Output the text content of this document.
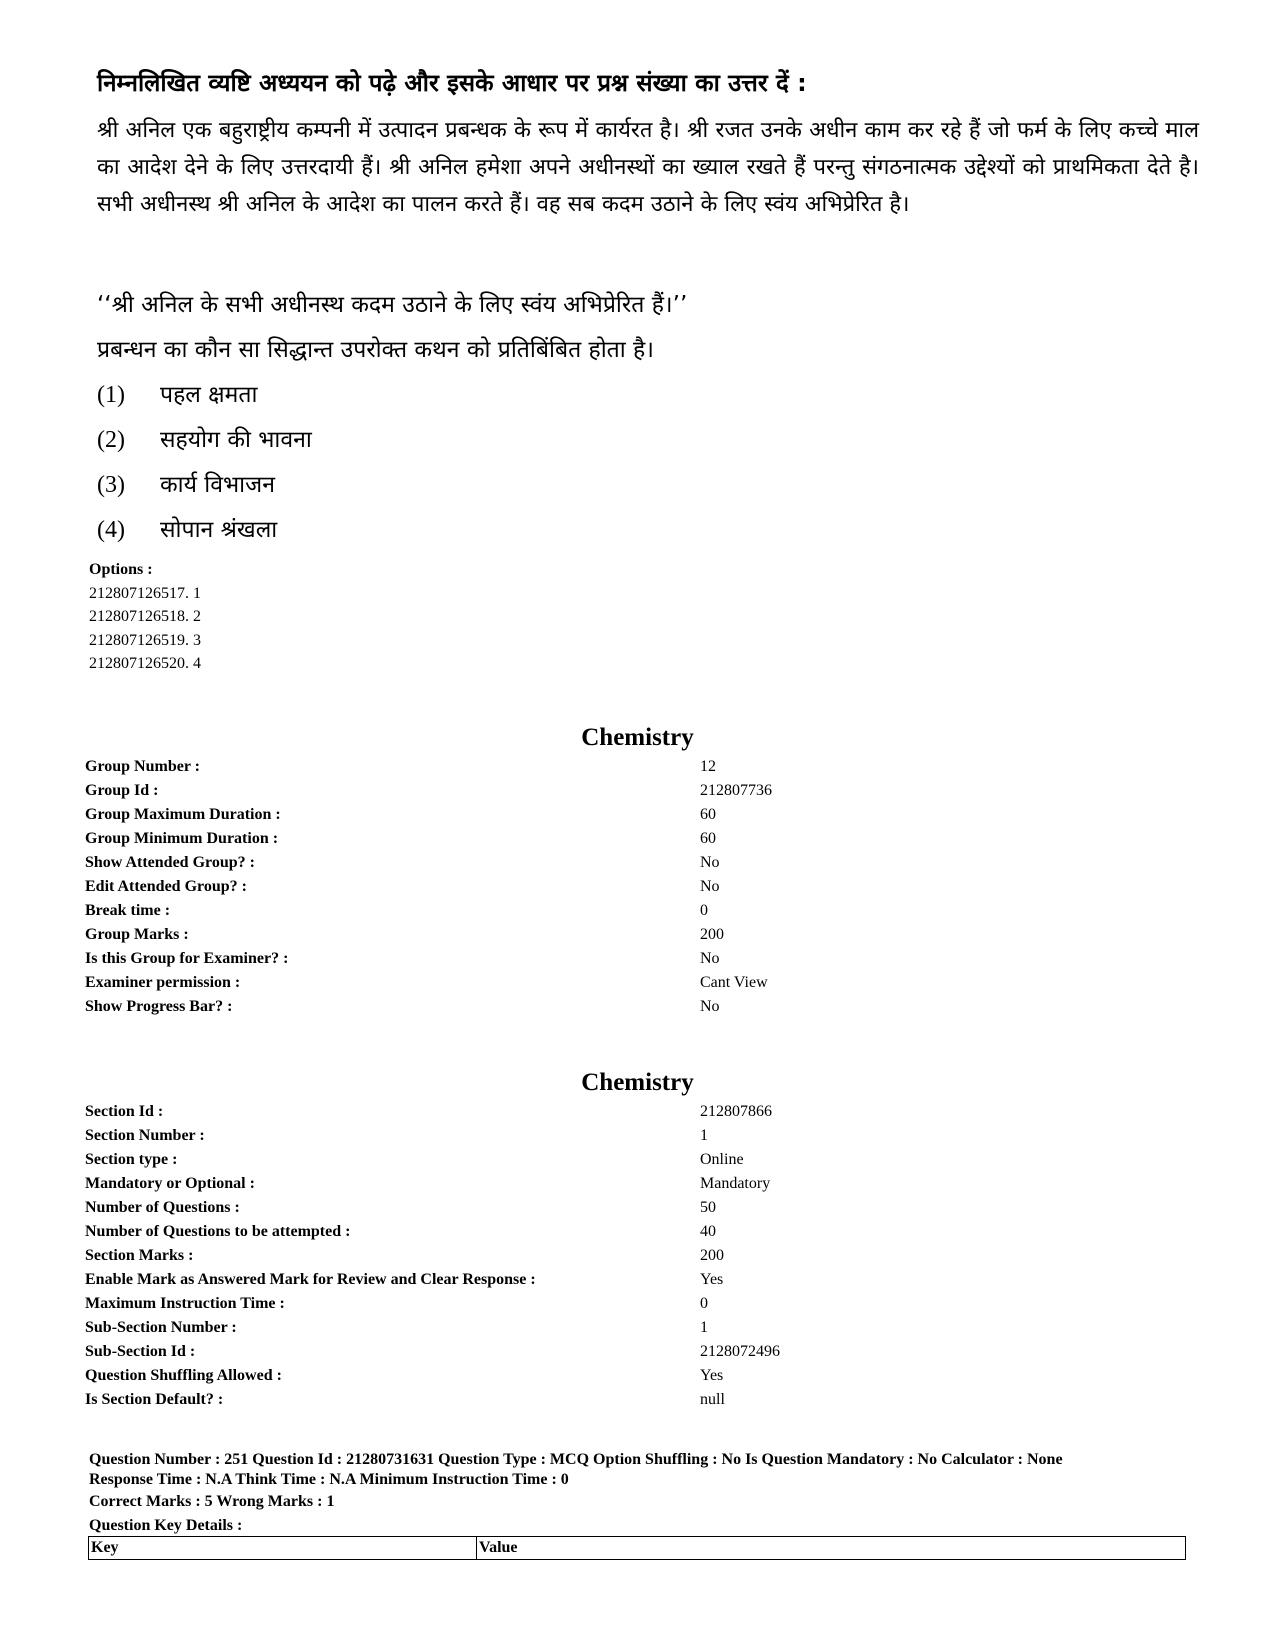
निम्नलिखित व्यष्टि अध्ययन को पढ़े और इसके आधार पर प्रश्न संख्या का उत्तर दें :
श्री अनिल एक बहुराष्ट्रीय कम्पनी में उत्पादन प्रबन्धक के रूप में कार्यरत है। श्री रजत उनके अधीन काम कर रहे हैं जो फर्म के लिए कच्चे माल का आदेश देने के लिए उत्तरदायी हैं। श्री अनिल हमेशा अपने अधीनस्थों का ख्याल रखते हैं परन्तु संगठनात्मक उद्देश्यों को प्राथमिकता देते है। सभी अधीनस्थ श्री अनिल के आदेश का पालन करते हैं। वह सब कदम उठाने के लिए स्वंय अभिप्रेरित है।
‘‘श्री अनिल के सभी अधीनस्थ कदम उठाने के लिए स्वंय अभिप्रेरित हैं।’’
प्रबन्धन का कौन सा सिद्धान्त उपरोक्त कथन को प्रतिबिंबित होता है।
(1)	पहल क्षमता
(2)	सहयोग की भावना
(3)	कार्य विभाजन
(4)	सोपान श्रंखला
Options :
212807126517. 1
212807126518. 2
212807126519. 3
212807126520. 4
Chemistry
Group Number :	12
Group Id :	212807736
Group Maximum Duration :	60
Group Minimum Duration :	60
Show Attended Group? :	No
Edit Attended Group? :	No
Break time :	0
Group Marks :	200
Is this Group for Examiner? :	No
Examiner permission :	Cant View
Show Progress Bar? :	No
Chemistry
Section Id :	212807866
Section Number :	1
Section type :	Online
Mandatory or Optional :	Mandatory
Number of Questions :	50
Number of Questions to be attempted :	40
Section Marks :	200
Enable Mark as Answered Mark for Review and Clear Response :	Yes
Maximum Instruction Time :	0
Sub-Section Number :	1
Sub-Section Id :	2128072496
Question Shuffling Allowed :	Yes
Is Section Default? :	null
Question Number : 251 Question Id : 21280731631 Question Type : MCQ Option Shuffling : No Is Question Mandatory : No Calculator : None
Response Time : N.A Think Time : N.A Minimum Instruction Time : 0
Correct Marks : 5 Wrong Marks : 1
Question Key Details :
Key	Value
